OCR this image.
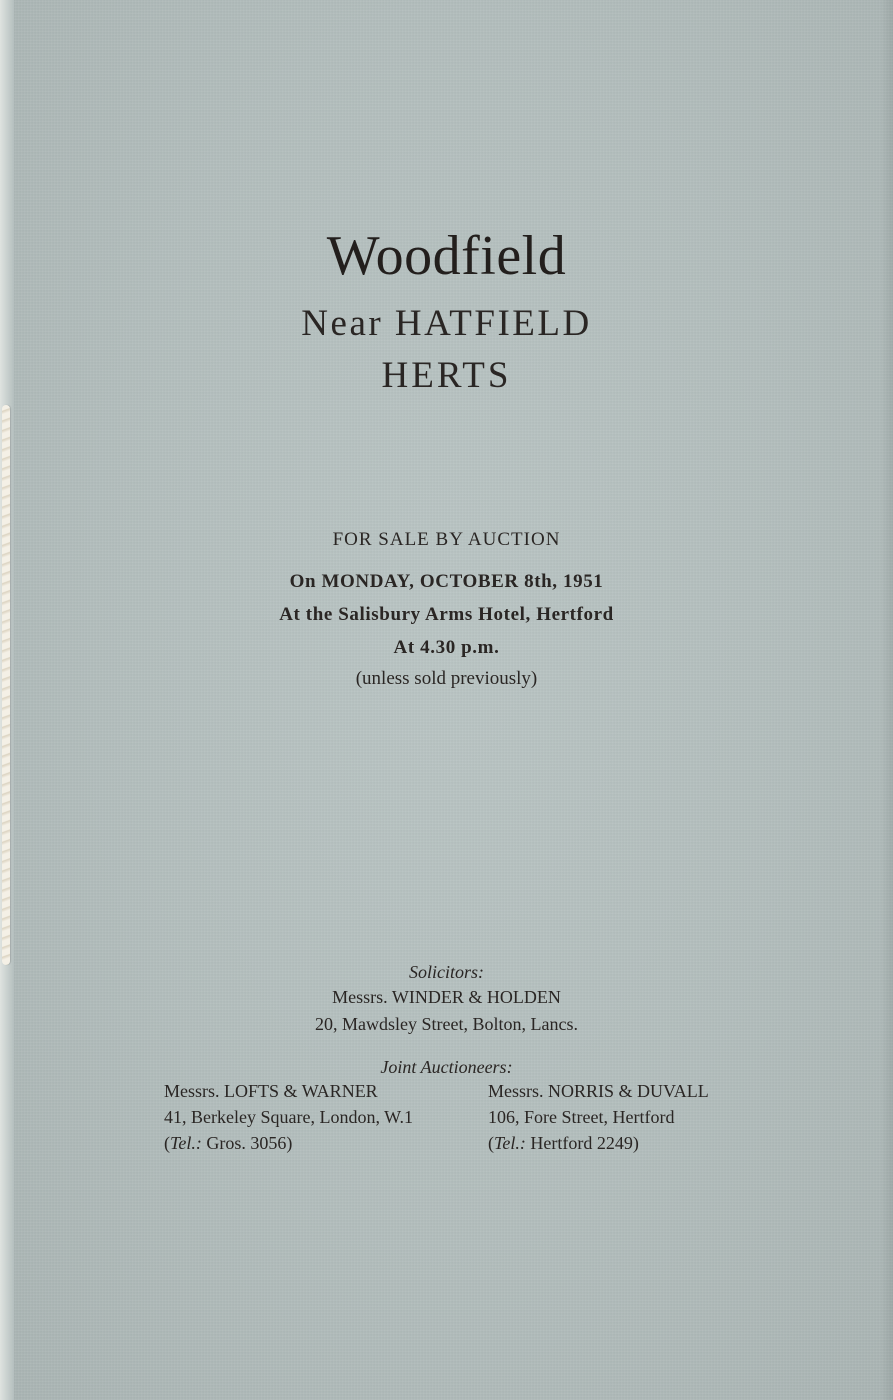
Woodfield
Near HATFIELD
HERTS
FOR SALE BY AUCTION
On MONDAY, OCTOBER 8th, 1951
At the Salisbury Arms Hotel, Hertford
At 4.30 p.m.
(unless sold previously)
Solicitors:
Messrs. WINDER & HOLDEN
20, Mawdsley Street, Bolton, Lancs.
Joint Auctioneers:
Messrs. LOFTS & WARNER
41, Berkeley Square, London, W.1
(Tel.: Gros. 3056)
Messrs. NORRIS & DUVALL
106, Fore Street, Hertford
(Tel.: Hertford 2249)
